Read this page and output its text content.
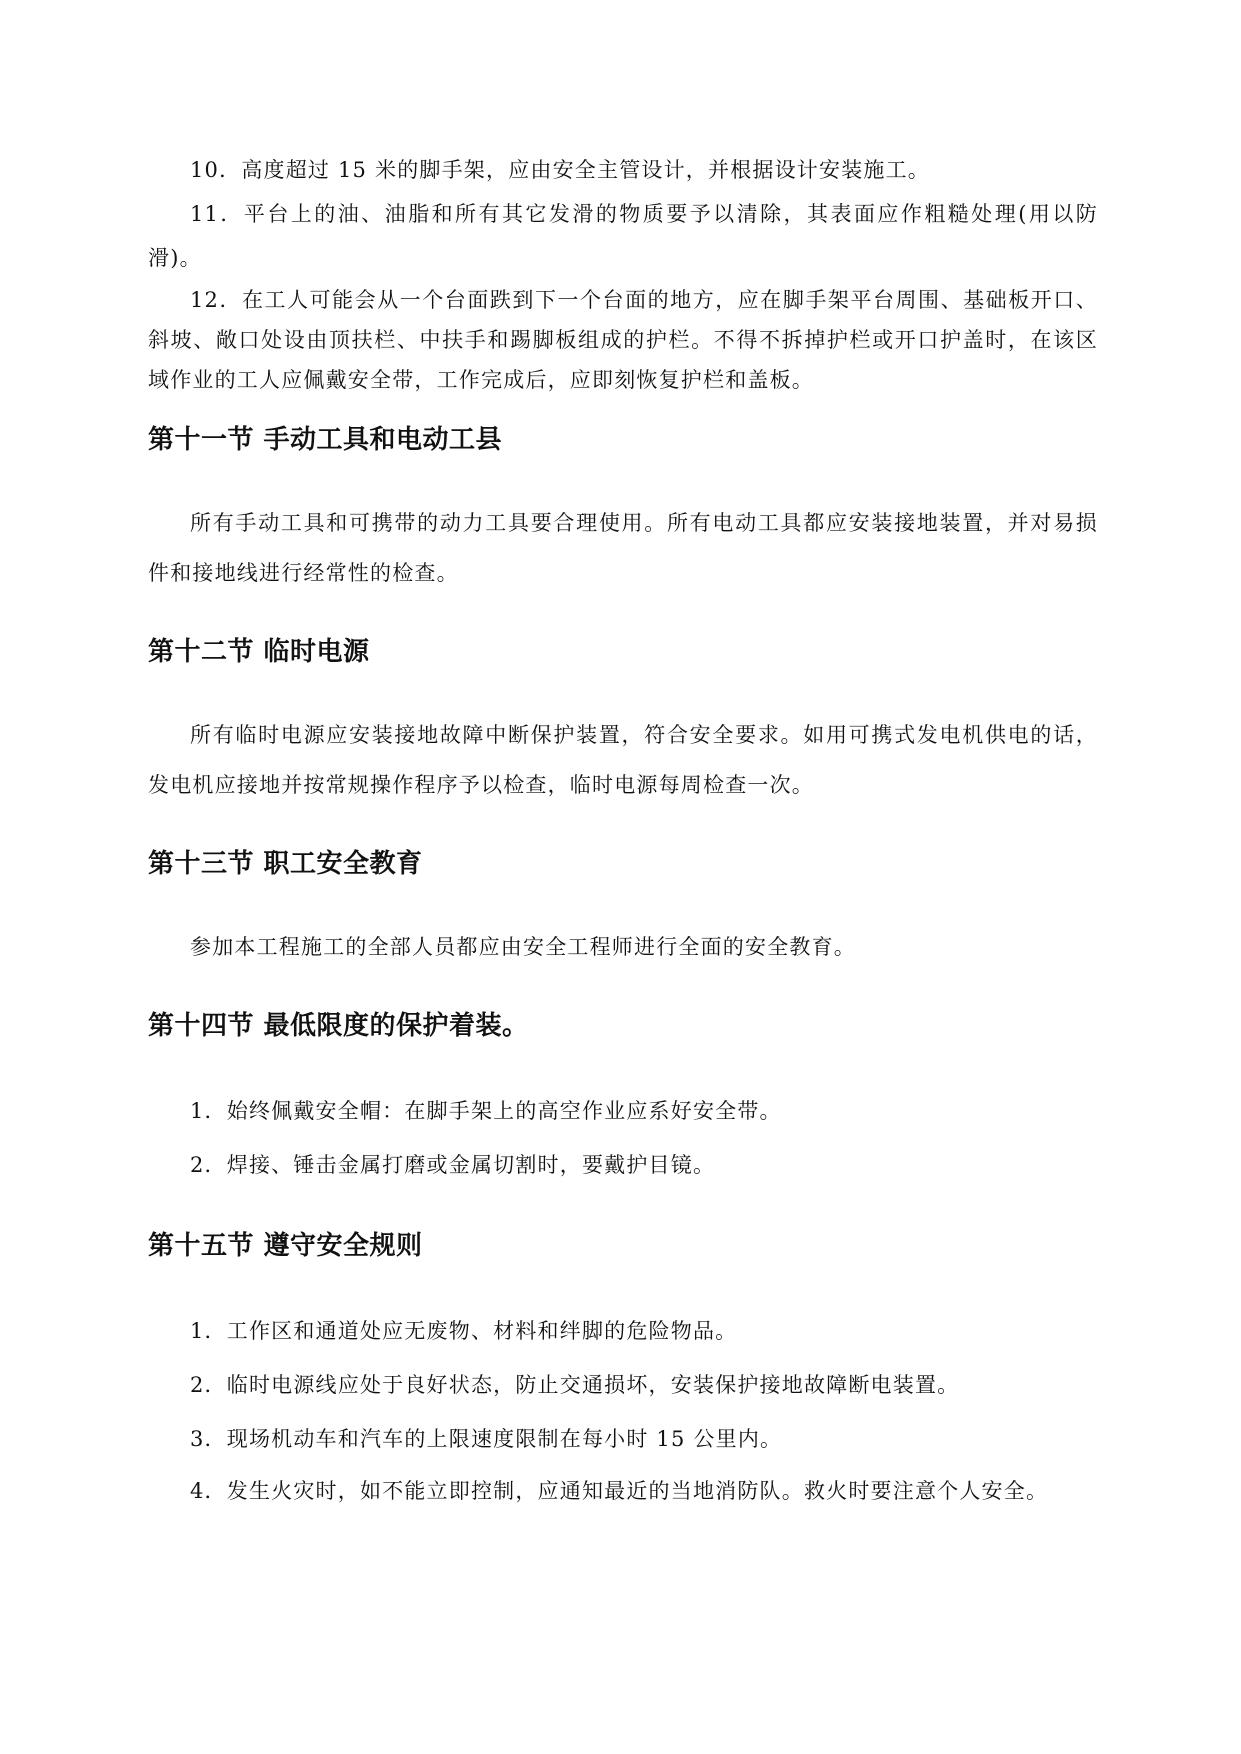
10．高度超过 15 米的脚手架，应由安全主管设计，并根据设计安装施工。

11．平台上的油、油脂和所有其它发滑的物质要予以清除，其表面应作粗糙处理(用以防滑)。

12．在工人可能会从一个台面跌到下一个台面的地方，应在脚手架平台周围、基础板开口、斜坡、敞口处设由顶扶栏、中扶手和踢脚板组成的护栏。不得不拆掉护栏或开口护盖时，在该区域作业的工人应佩戴安全带，工作完成后，应即刻恢复护栏和盖板。

第十一节 手动工具和电动工县

所有手动工具和可携带的动力工具要合理使用。所有电动工具都应安装接地装置，并对易损件和接地线进行经常性的检查。

第十二节 临时电源

所有临时电源应安装接地故障中断保护装置，符合安全要求。如用可携式发电机供电的话，发电机应接地并按常规操作程序予以检查，临时电源每周检查一次。

第十三节 职工安全教育

参加本工程施工的全部人员都应由安全工程师进行全面的安全教育。

第十四节 最低限度的保护着装。

1．始终佩戴安全帽：在脚手架上的高空作业应系好安全带。

2．焊接、锤击金属打磨或金属切割时，要戴护目镜。

第十五节 遵守安全规则

1．工作区和通道处应无废物、材料和绊脚的危险物品。

2．临时电源线应处于良好状态，防止交通损坏，安装保护接地故障断电装置。

3．现场机动车和汽车的上限速度限制在每小时 15 公里内。

4．发生火灾时，如不能立即控制，应通知最近的当地消防队。救火时要注意个人安全。
